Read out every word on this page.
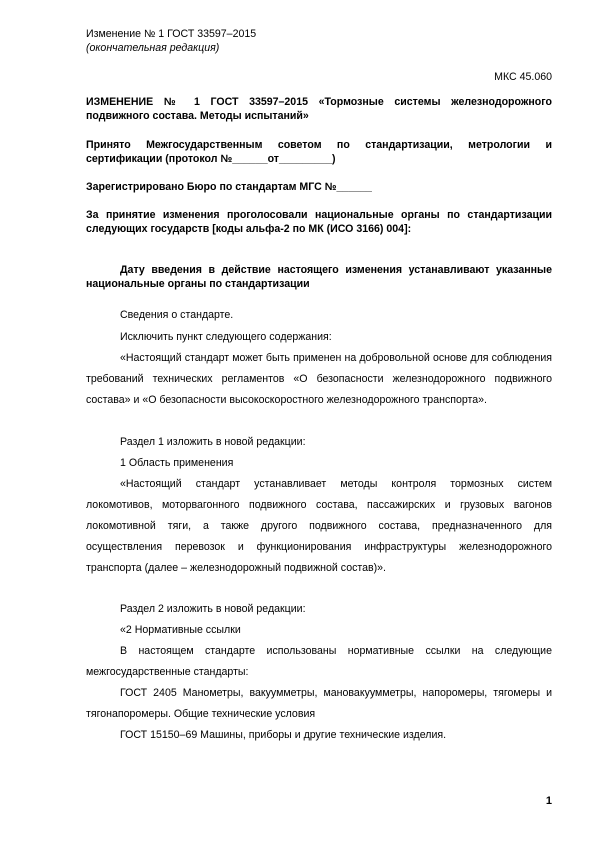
Изменение № 1 ГОСТ 33597–2015
(окончательная редакция)
МКС 45.060
ИЗМЕНЕНИЕ № 1 ГОСТ 33597–2015 «Тормозные системы железнодорожного подвижного состава. Методы испытаний»
Принято Межгосударственным советом по стандартизации, метрологии и сертификации (протокол №______от_________)
Зарегистрировано Бюро по стандартам МГС №______
За принятие изменения проголосовали национальные органы по стандартизации следующих государств [коды альфа-2 по МК (ИСО 3166) 004]:
Дату введения в действие настоящего изменения устанавливают указанные национальные органы по стандартизации
Сведения о стандарте.
Исключить пункт следующего содержания:
«Настоящий стандарт может быть применен на добровольной основе для соблюдения требований технических регламентов «О безопасности железнодорожного подвижного состава» и «О безопасности высокоскоростного железнодорожного транспорта».
Раздел 1 изложить в новой редакции:
1 Область применения
«Настоящий стандарт устанавливает методы контроля тормозных систем локомотивов, моторвагонного подвижного состава, пассажирских и грузовых вагонов локомотивной тяги, а также другого подвижного состава, предназначенного для осуществления перевозок и функционирования инфраструктуры железнодорожного транспорта (далее – железнодорожный подвижной состав)».
Раздел 2 изложить в новой редакции:
«2 Нормативные ссылки
В настоящем стандарте использованы нормативные ссылки на следующие межгосударственные стандарты:
ГОСТ 2405 Манометры, вакуумметры, мановакуумметры, напоромеры, тягомеры и тягонапоромеры. Общие технические условия
ГОСТ 15150–69 Машины, приборы и другие технические изделия.
1
